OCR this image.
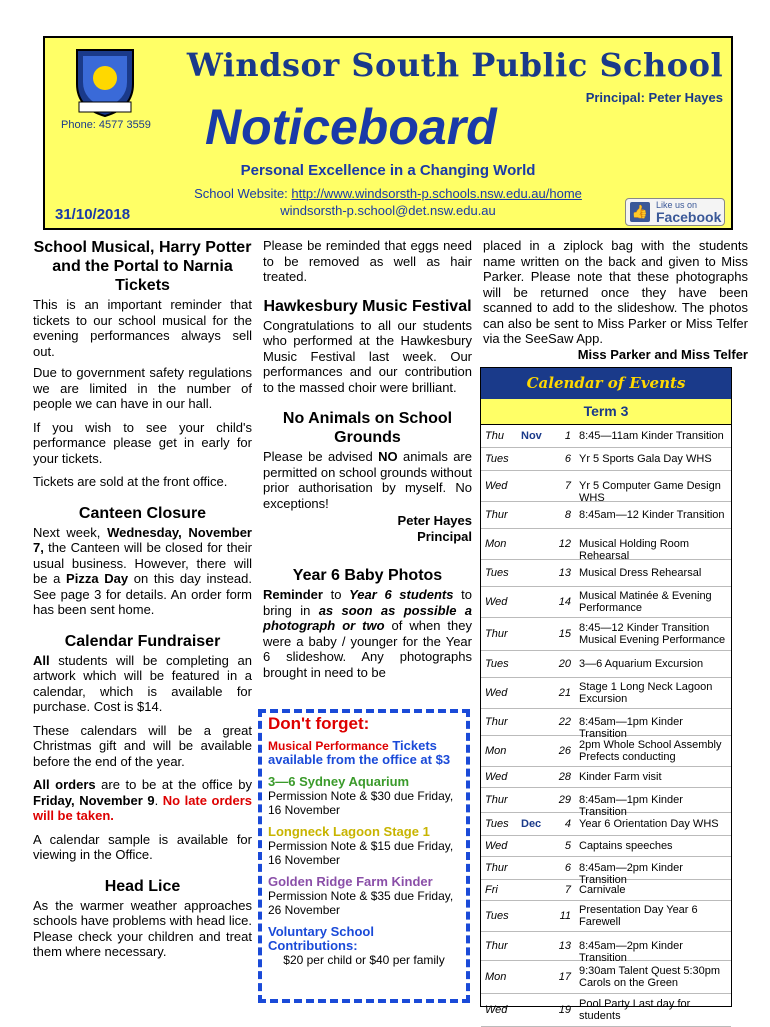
Windsor South Public School
Principal: Peter Hayes
Phone: 4577 3559 Noticeboard
Personal Excellence in a Changing World
School Website: http://www.windsorsth-p.schools.nsw.edu.au/home
windsorsth-p.school@det.nsw.edu.au
31/10/2018	👍 Like us on
Facebook
School Musical, Harry Potter and the Portal to Narnia Tickets

This is an important reminder that tickets to our school musical for the evening performances always sell out.

Due to government safety regulations we are limited in the number of people we can have in our hall.

If you wish to see your child's performance please get in early for your tickets.

Tickets are sold at the front office.

Canteen Closure

Next week, Wednesday, November 7, the Canteen will be closed for their usual business. However, there will be a Pizza Day on this day instead. See page 3 for details. An order form has been sent home.

Calendar Fundraiser

All students will be completing an artwork which will be featured in a calendar, which is available for purchase. Cost is $14.

These calendars will be a great Christmas gift and will be available before the end of the year.

All orders are to be at the office by Friday, November 9. No late orders will be taken.

A calendar sample is available for viewing in the Office.

Head Lice

As the warmer weather approaches schools have problems with head lice. Please check your children and treat them where necessary.

Please be reminded that eggs need to be removed as well as hair treated.

Hawkesbury Music Festival

Congratulations to all our students who performed at the Hawkesbury Music Festival last week. Our performances and our contribution to the massed choir were brilliant.

No Animals on School Grounds

Please be advised NO animals are permitted on school grounds without prior authorisation by myself. No exceptions!

Peter Hayes
Principal
Year 6 Baby Photos

Reminder to Year 6 students to bring in as soon as possible a photograph or two of when they were a baby / younger for the Year 6 slideshow. Any photographs brought in need to be

placed in a ziplock bag with the students name written on the back and given to Miss Parker. Please note that these photographs will be returned once they have been scanned to add to the slideshow. The photos can also be sent to Miss Parker or Miss Telfer via the SeeSaw App.

Miss Parker and Miss Telfer
Don't forget:
Musical Performance Tickets available from the office at $3
3—6 Sydney Aquarium
Permission Note & $30 due Friday, 16 November
Longneck Lagoon Stage 1
Permission Note & $15 due Friday, 16 November
Golden Ridge Farm Kinder
Permission Note & $35 due Friday, 26 November
Voluntary School Contributions:
$20 per child or $40 per family
Calendar of Events
Term 3
Thu Nov	1 8:45—11am Kinder Transition
Tues	6 Yr 5 Sports Gala Day WHS
Wed	7 Yr 5 Computer Game Design WHS
Thur	8 8:45am—12 Kinder Transition
Mon	12 Musical Holding Room Rehearsal
Tues	13 Musical Dress Rehearsal
Wed	14 Musical Matinée & Evening Performance
Thur	15 8:45—12 Kinder Transition Musical Evening Performance
Tues	20 3—6 Aquarium Excursion
Wed	21 Stage 1 Long Neck Lagoon Excursion
Thur	22 8:45am—1pm Kinder Transition
Mon	26 2pm Whole School Assembly Prefects conducting
Wed	28 Kinder Farm visit
Thur	29 8:45am—1pm Kinder Transition
Tues Dec	4 Year 6 Orientation Day WHS
Wed	5 Captains speeches
Thur	6 8:45am—2pm Kinder Transition
Fri	7 Carnivale
Tues	11 Presentation Day Year 6 Farewell
Thur	13 8:45am—2pm Kinder Transition
Mon	17 9:30am Talent Quest 5:30pm Carols on the Green
Wed	19 Pool Party Last day for students
